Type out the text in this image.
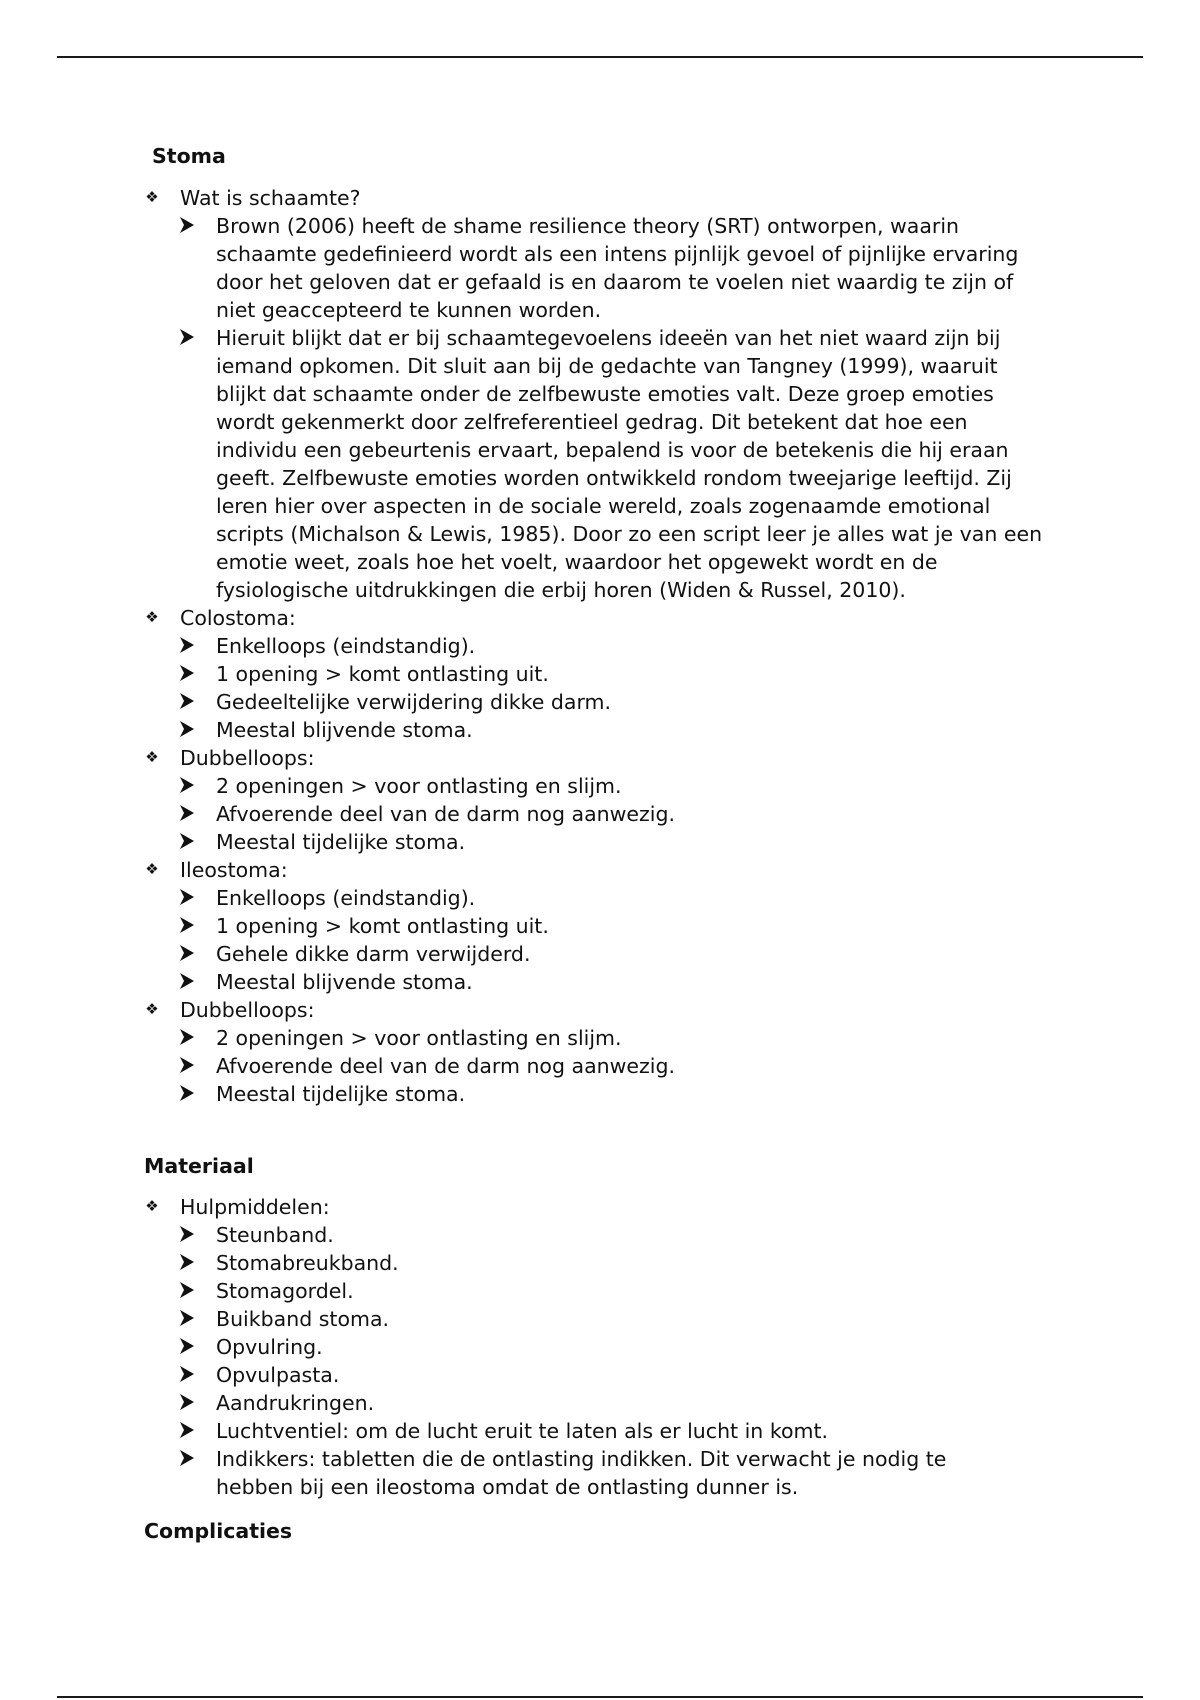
Stoma
❖ Wat is schaamte?
Brown (2006) heeft de shame resilience theory (SRT) ontworpen, waarin schaamte gedefinieerd wordt als een intens pijnlijk gevoel of pijnlijke ervaring door het geloven dat er gefaald is en daarom te voelen niet waardig te zijn of niet geaccepteerd te kunnen worden.
Hieruit blijkt dat er bij schaamtegevoelens ideeën van het niet waard zijn bij iemand opkomen. Dit sluit aan bij de gedachte van Tangney (1999), waaruit blijkt dat schaamte onder de zelfbewuste emoties valt. Deze groep emoties wordt gekenmerkt door zelfreferentieel gedrag. Dit betekent dat hoe een individu een gebeurtenis ervaart, bepalend is voor de betekenis die hij eraan geeft. Zelfbewuste emoties worden ontwikkeld rondom tweejarige leeftijd. Zij leren hier over aspecten in de sociale wereld, zoals zogenaamde emotional scripts (Michalson & Lewis, 1985). Door zo een script leer je alles wat je van een emotie weet, zoals hoe het voelt, waardoor het opgewekt wordt en de fysiologische uitdrukkingen die erbij horen (Widen & Russel, 2010).
❖ Colostoma:
Enkelloops (eindstandig).
1 opening > komt ontlasting uit.
Gedeeltelijke verwijdering dikke darm.
Meestal blijvende stoma.
❖ Dubbelloops:
2 openingen > voor ontlasting en slijm.
Afvoerende deel van de darm nog aanwezig.
Meestal tijdelijke stoma.
❖ Ileostoma:
Enkelloops (eindstandig).
1 opening > komt ontlasting uit.
Gehele dikke darm verwijderd.
Meestal blijvende stoma.
❖ Dubbelloops:
2 openingen > voor ontlasting en slijm.
Afvoerende deel van de darm nog aanwezig.
Meestal tijdelijke stoma.
Materiaal
❖ Hulpmiddelen:
Steunband.
Stomabreukband.
Stomagordel.
Buikband stoma.
Opvulring.
Opvulpasta.
Aandrukringen.
Luchtventiel: om de lucht eruit te laten als er lucht in komt.
Indikkers: tabletten die de ontlasting indikken. Dit verwacht je nodig te hebben bij een ileostoma omdat de ontlasting dunner is.
Complicaties
